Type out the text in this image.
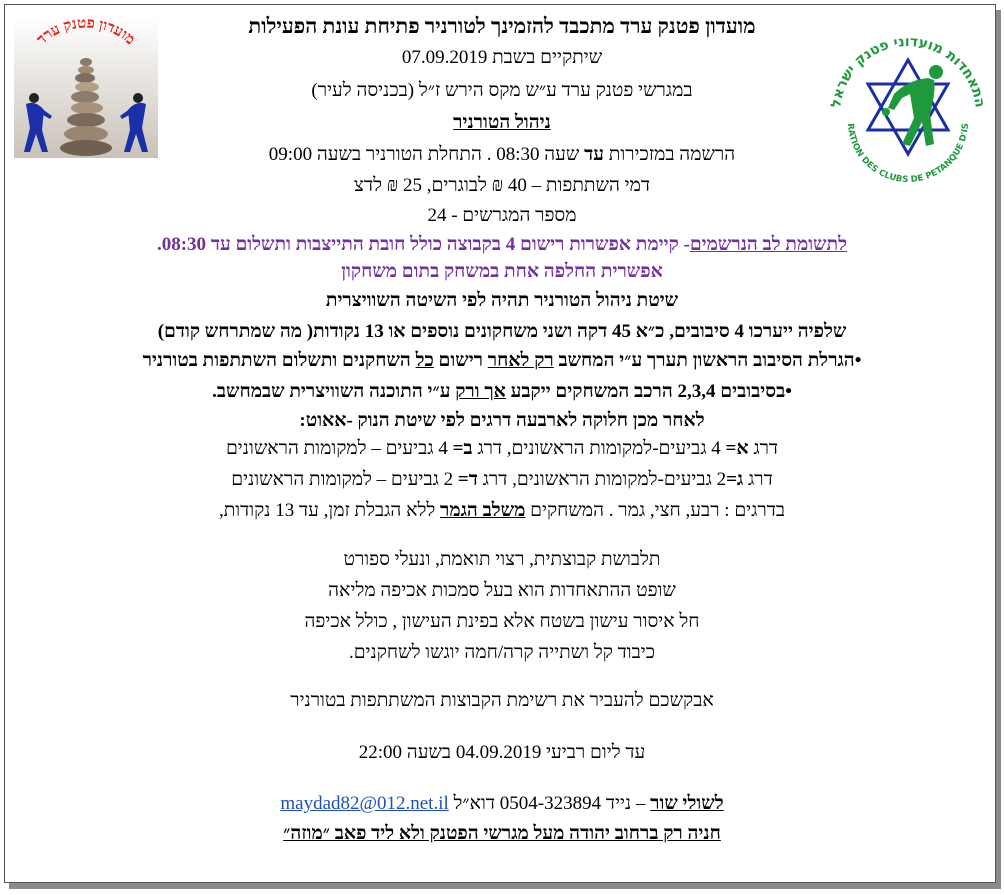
מועדון פטנק ערד
התאחדות מועדוני פטנק ישראל
RATION DES CLUBS DE PETANQUE D'IS
מועדון פטנק ערד מתכבד להזמינך לטורניר פתיחת עונת הפעילות
שיתקיים בשבת 07.09.2019
במגרשי פטנק ערד ע״ש מקס הירש ז״ל (בכניסה לעיר)
ניהול הטורניר
הרשמה במזכירות עד שעה 08:30 . התחלת הטורניר בשעה 09:00
דמי השתתפות – 40 ₪ לבוגרים, 25 ₪ לדצ
מספר המגרשים - 24
לתשומת לב הנרשמים- קיימת אפשרות רישום 4 בקבוצה כולל חובת התייצבות ותשלום עד 08:30.
אפשרית החלפה אחת במשחק בתום משחקון
שיטת ניהול הטורניר תהיה לפי השיטה השוויצרית
שלפיה ייערכו 4 סיבובים, כ״א 45 דקה ושני משחקונים נוספים או 13 נקודות( מה שמתרחש קודם)
•הגרלת הסיבוב הראשון תערך ע״י המחשב רק לאחר רישום כל השחקנים ותשלום השתתפות בטורניר
•בסיבובים 2,3,4 הרכב המשחקים ייקבע אך ורק ע״י התוכנה השוויצרית שבמחשב.
לאחר מכן חלוקה לארבעה דרגים לפי שיטת הנוק -אאוט:
דרג א= 4 גביעים-למקומות הראשונים, דרג ב= 4 גביעים – למקומות הראשונים
דרג ג=2 גביעים-למקומות הראשונים, דרג ד= 2 גביעים – למקומות הראשונים
בדרגים : רבע, חצי, גמר . המשחקים משלב הגמר ללא הגבלת זמן, עד 13 נקודות,
תלבושת קבוצתית, רצוי תואמת, ונעלי ספורט
שופט ההתאחדות הוא בעל סמכות אכיפה מליאה
חל איסור עישון בשטח אלא בפינת העישון , כולל אכיפה
כיבוד קל ושתייה קרה/חמה יוגשו לשחקנים.
אבקשכם להעביר את רשימת הקבוצות המשתתפות בטורניר
עד ליום רביעי 04.09.2019 בשעה 22:00
לשולי שור – נייד 0504-323894 דוא״ל maydad82@012.net.il
חניה רק ברחוב יהודה מעל מגרשי הפטנק ולא ליד פאב ״מוזה״
